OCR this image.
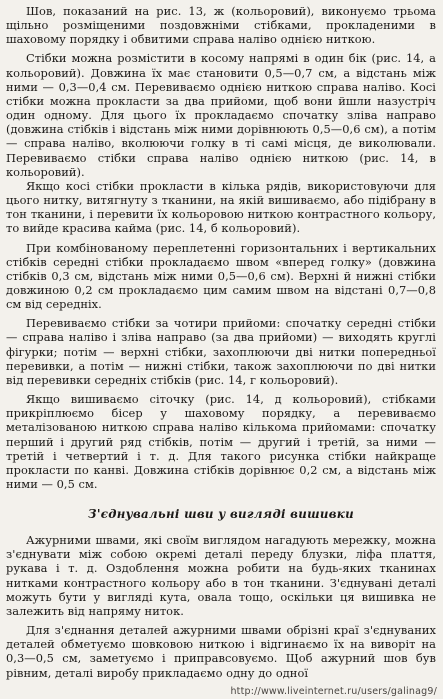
Шов, показаний на рис. 13, ж (кольоровий), виконуємо трьома щільно розміщеними поздовжніми стібками, прокладеними в шаховому порядку і обвитими справа наліво однією ниткою.

Стібки можна розмістити в косому напрямі в один бік (рис. 14, а кольоровий). Довжина їх має становити 0,5—0,7 см, а відстань між ними — 0,3—0,4 см. Перевиваємо однією ниткою справа наліво. Косі стібки можна прокласти за два прийоми, щоб вони йшли назустріч один одному. Для цього їх прокладаємо спочатку зліва направо (довжина стібків і відстань між ними дорівнюють 0,5—0,6 см), а потім — справа наліво, вколюючи голку в ті самі місця, де виколювали. Перевиваємо стібки справа наліво однією ниткою (рис. 14, в кольоровий).

Якщо косі стібки прокласти в кілька рядів, використовуючи для цього нитку, витягнуту з тканини, на якій вишиваємо, або підібрану в тон тканини, і перевити їх кольоровою ниткою контрастного кольору, то вийде красива кайма (рис. 14, б кольоровий).

При комбінованому переплетенні горизонтальних і вертикальних стібків середні стібки прокладаємо швом «вперед голку» (довжина стібків 0,3 см, відстань між ними 0,5—0,6 см). Верхні й нижні стібки довжиною 0,2 см прокладаємо цим самим швом на відстані 0,7—0,8 см від середніх.

Перевиваємо стібки за чотири прийоми: спочатку середні стібки — справа наліво і зліва направо (за два прийоми) — виходять круглі фігурки; потім — верхні стібки, захоплюючи дві нитки попередньої перевивки, а потім — нижні стібки, також захоплюючи по дві нитки від перевивки середніх стібків (рис. 14, г кольоровий).

Якщо вишиваємо сіточку (рис. 14, д кольоровий), стібками прикріплюємо бісер у шаховому порядку, а перевиваємо металізованою ниткою справа наліво кількома прийомами: спочатку перший і другий ряд стібків, потім — другий і третій, за ними — третій і четвертий і т. д. Для такого рисунка стібки найкраще прокласти по канві. Довжина стібків дорівнює 0,2 см, а відстань між ними — 0,5 см.

З'єднувальні шви у вигляді вишивки

Ажурними швами, які своїм виглядом нагадують мережку, можна з'єднувати між собою окремі деталі переду блузки, ліфа плаття, рукава і т. д. Оздоблення можна робити на будь-яких тканинах нитками контрастного кольору або в тон тканини. З'єднувані деталі можуть бути у вигляді кута, овала тощо, оскільки ця вишивка не залежить від напряму ниток.

Для з'єднання деталей ажурними швами обрізні краї з'єднуваних деталей обметуємо шовковою ниткою і відгинаємо їх на виворіт на 0,3—0,5 см, заметуємо і приправсовуємо. Щоб ажурний шов був рівним, деталі виробу прикладаємо одну до одної

http://www.liveinternet.ru/users/galinag9/
